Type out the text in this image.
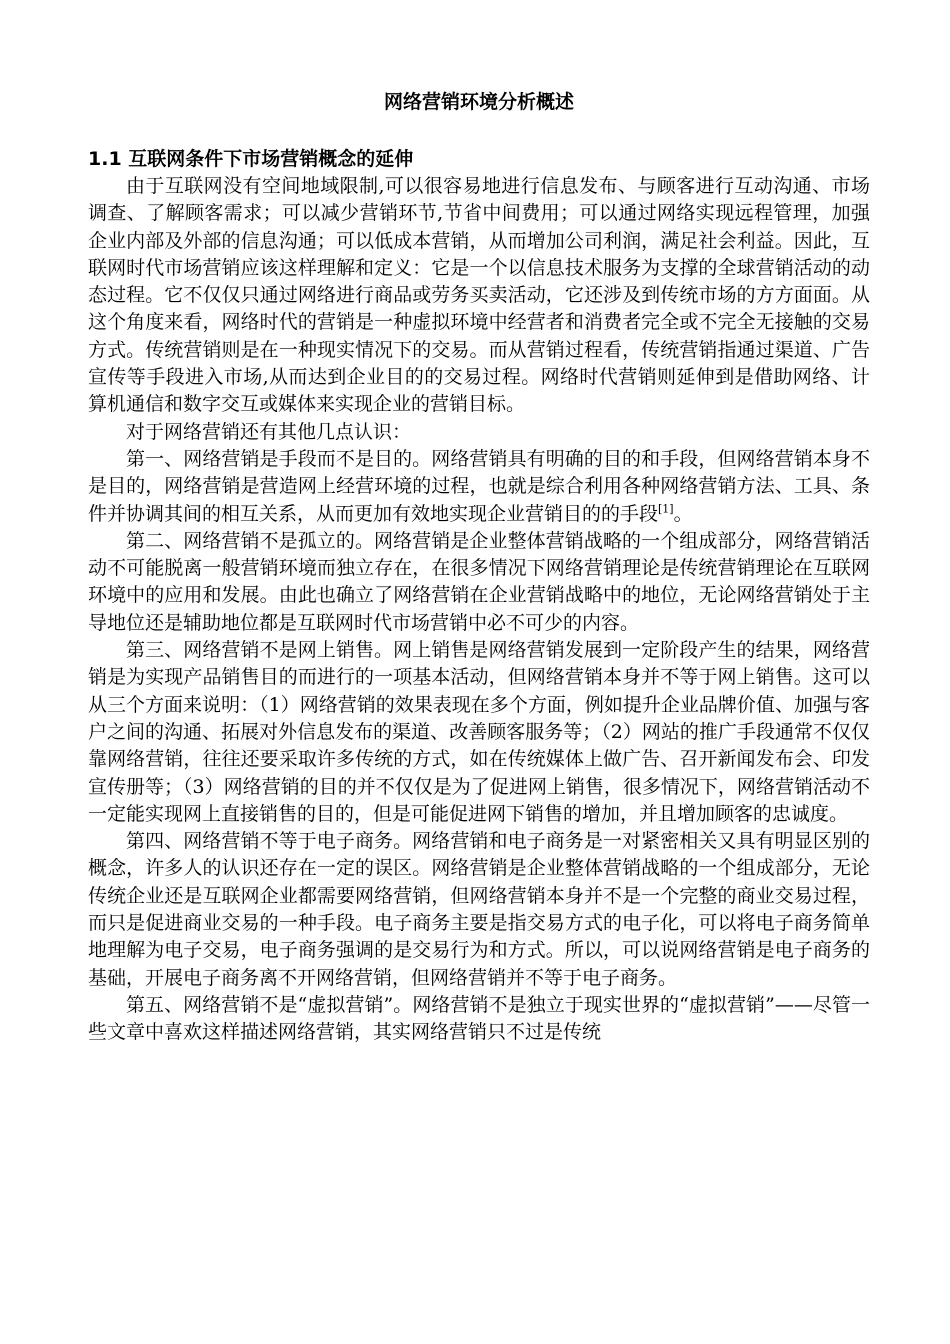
网络营销环境分析概述
1.1 互联网条件下市场营销概念的延伸

由于互联网没有空间地域限制,可以很容易地进行信息发布、与顾客进行互动沟通、市场调查、了解顾客需求；可以减少营销环节,节省中间费用；可以通过网络实现远程管理，加强企业内部及外部的信息沟通；可以低成本营销，从而增加公司利润，满足社会利益。因此，互联网时代市场营销应该这样理解和定义：它是一个以信息技术服务为支撑的全球营销活动的动态过程。它不仅仅只通过网络进行商品或劳务买卖活动，它还涉及到传统市场的方方面面。从这个角度来看，网络时代的营销是一种虚拟环境中经营者和消费者完全或不完全无接触的交易方式。传统营销则是在一种现实情况下的交易。而从营销过程看，传统营销指通过渠道、广告宣传等手段进入市场,从而达到企业目的的交易过程。网络时代营销则延伸到是借助网络、计算机通信和数字交互或媒体来实现企业的营销目标。

对于网络营销还有其他几点认识：

第一、网络营销是手段而不是目的。网络营销具有明确的目的和手段，但网络营销本身不是目的，网络营销是营造网上经营环境的过程，也就是综合利用各种网络营销方法、工具、条件并协调其间的相互关系，从而更加有效地实现企业营销目的的手段[1]。

第二、网络营销不是孤立的。网络营销是企业整体营销战略的一个组成部分，网络营销活动不可能脱离一般营销环境而独立存在，在很多情况下网络营销理论是传统营销理论在互联网环境中的应用和发展。由此也确立了网络营销在企业营销战略中的地位，无论网络营销处于主导地位还是辅助地位都是互联网时代市场营销中必不可少的内容。

第三、网络营销不是网上销售。网上销售是网络营销发展到一定阶段产生的结果，网络营销是为实现产品销售目的而进行的一项基本活动，但网络营销本身并不等于网上销售。这可以从三个方面来说明：（1）网络营销的效果表现在多个方面，例如提升企业品牌价值、加强与客户之间的沟通、拓展对外信息发布的渠道、改善顾客服务等；（2）网站的推广手段通常不仅仅靠网络营销，往往还要采取许多传统的方式，如在传统媒体上做广告、召开新闻发布会、印发宣传册等；（3）网络营销的目的并不仅仅是为了促进网上销售，很多情况下，网络营销活动不一定能实现网上直接销售的目的，但是可能促进网下销售的增加，并且增加顾客的忠诚度。

第四、网络营销不等于电子商务。网络营销和电子商务是一对紧密相关又具有明显区别的概念，许多人的认识还存在一定的误区。网络营销是企业整体营销战略的一个组成部分，无论传统企业还是互联网企业都需要网络营销，但网络营销本身并不是一个完整的商业交易过程，而只是促进商业交易的一种手段。电子商务主要是指交易方式的电子化，可以将电子商务简单地理解为电子交易，电子商务强调的是交易行为和方式。所以，可以说网络营销是电子商务的基础，开展电子商务离不开网络营销，但网络营销并不等于电子商务。

第五、网络营销不是“虚拟营销”。网络营销不是独立于现实世界的“虚拟营销”——尽管一些文章中喜欢这样描述网络营销，其实网络营销只不过是传统
